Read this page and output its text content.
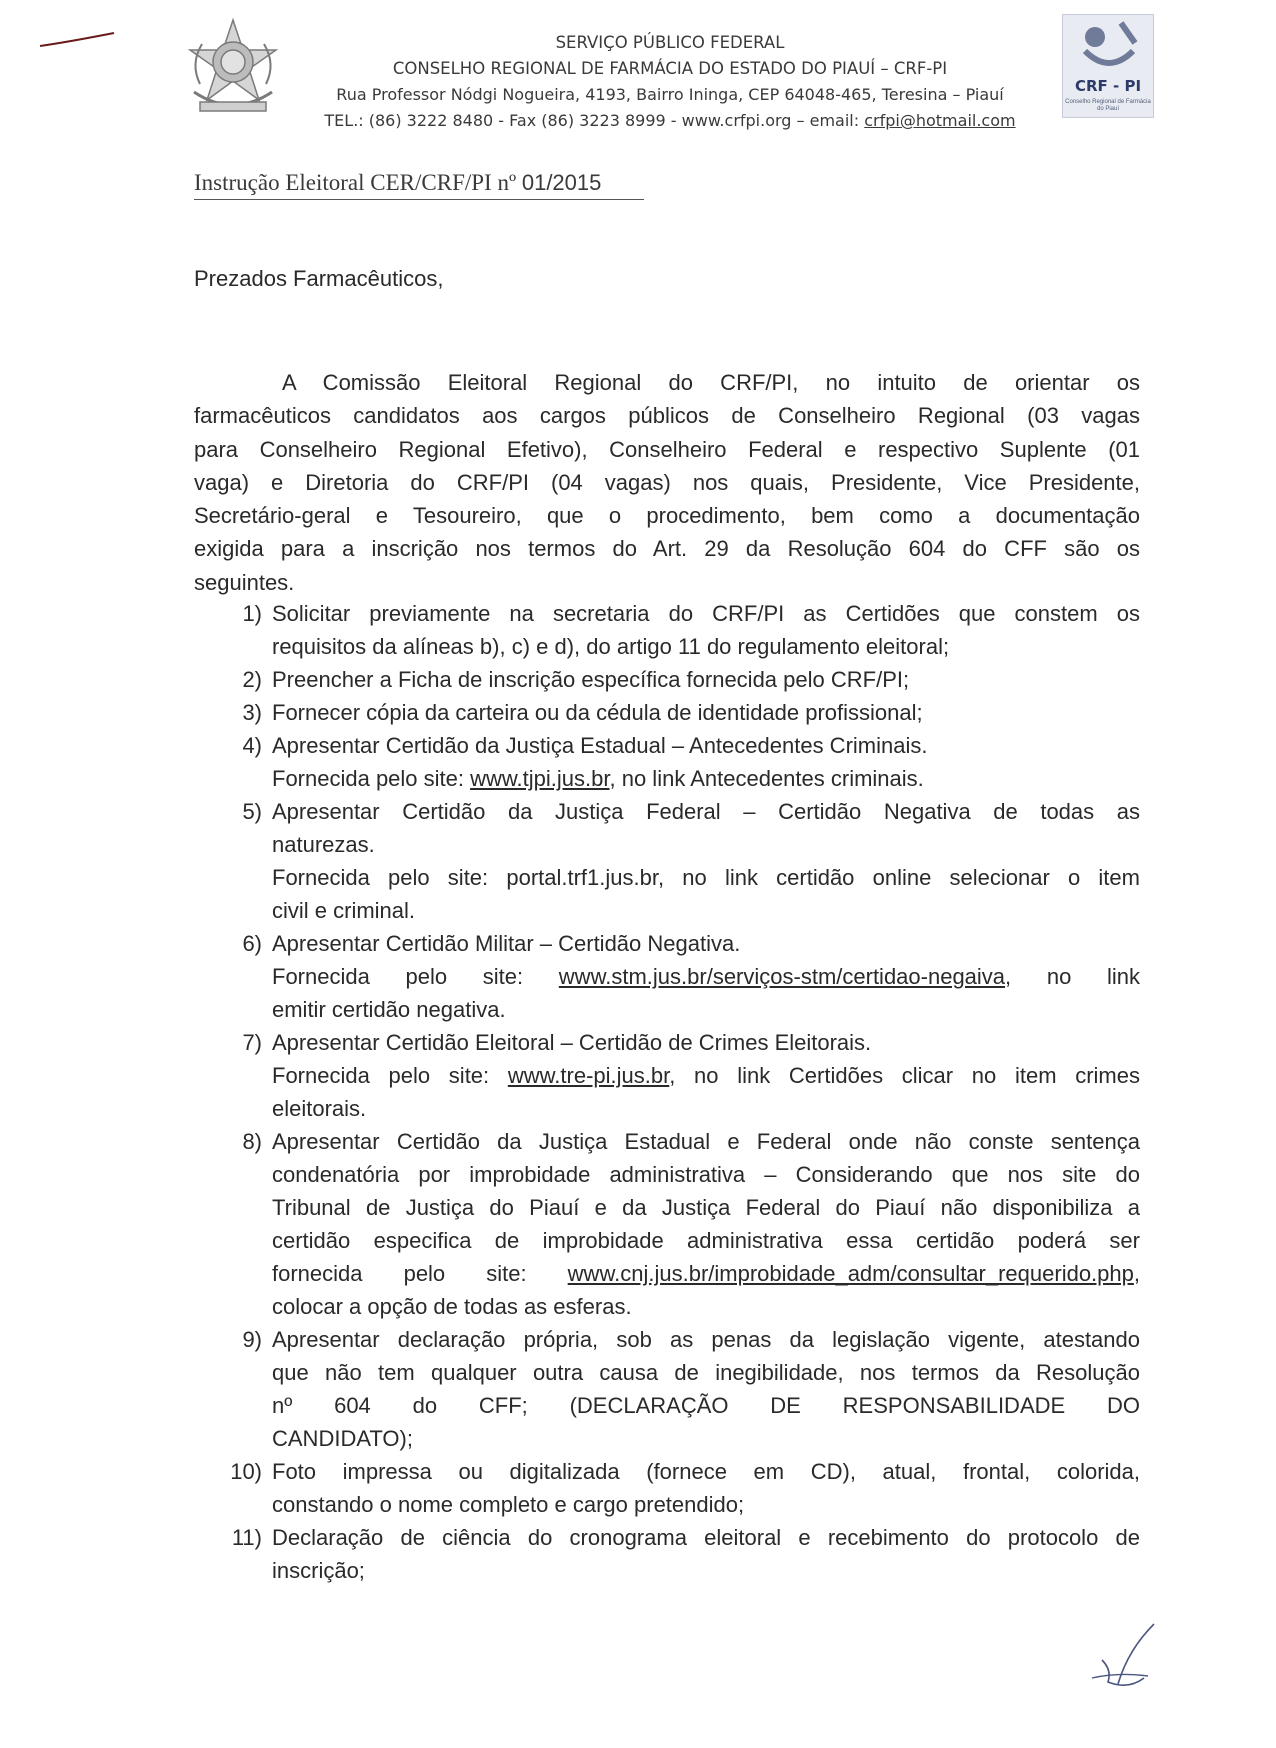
SERVIÇO PÚBLICO FEDERAL
CONSELHO REGIONAL DE FARMÁCIA DO ESTADO DO PIAUÍ – CRF-PI
Rua Professor Nódgi Nogueira, 4193, Bairro Ininga, CEP 64048-465, Teresina – Piauí
TEL.: (86) 3222 8480 - Fax (86) 3223 8999 - www.crfpi.org – email: crfpi@hotmail.com
CRF - PI
Conselho Regional de Farmácia do Piauí
Instrução Eleitoral CER/CRF/PI nº 01/2015
Prezados Farmacêuticos,
A Comissão Eleitoral Regional do CRF/PI, no intuito de orientar os
farmacêuticos candidatos aos cargos públicos de Conselheiro Regional (03 vagas
para Conselheiro Regional Efetivo), Conselheiro Federal e respectivo Suplente (01
vaga) e Diretoria do CRF/PI (04 vagas) nos quais, Presidente, Vice Presidente,
Secretário-geral e Tesoureiro, que o procedimento, bem como a documentação
exigida para a inscrição nos termos do Art. 29 da Resolução 604 do CFF são os
seguintes.
1) Solicitar previamente na secretaria do CRF/PI as Certidões que constem os
requisitos da alíneas b), c) e d), do artigo 11 do regulamento eleitoral;
2) Preencher a Ficha de inscrição específica fornecida pelo CRF/PI;
3) Fornecer cópia da carteira ou da cédula de identidade profissional;
4) Apresentar Certidão da Justiça Estadual – Antecedentes Criminais.
Fornecida pelo site: www.tjpi.jus.br, no link Antecedentes criminais.
5) Apresentar Certidão da Justiça Federal – Certidão Negativa de todas as
naturezas.
Fornecida pelo site: portal.trf1.jus.br, no link certidão online selecionar o item
civil e criminal.
6) Apresentar Certidão Militar – Certidão Negativa.
Fornecida pelo site: www.stm.jus.br/serviços-stm/certidao-negaiva, no link
emitir certidão negativa.
7) Apresentar Certidão Eleitoral – Certidão de Crimes Eleitorais.
Fornecida pelo site: www.tre-pi.jus.br, no link Certidões clicar no item crimes
eleitorais.
8) Apresentar Certidão da Justiça Estadual e Federal onde não conste sentença
condenatória por improbidade administrativa – Considerando que nos site do
Tribunal de Justiça do Piauí e da Justiça Federal do Piauí não disponibiliza a
certidão especifica de improbidade administrativa essa certidão poderá ser
fornecida pelo site: www.cnj.jus.br/improbidade_adm/consultar_requerido.php,
colocar a opção de todas as esferas.
9) Apresentar declaração própria, sob as penas da legislação vigente, atestando
que não tem qualquer outra causa de inegibilidade, nos termos da Resolução
nº 604 do CFF; (DECLARAÇÃO DE RESPONSABILIDADE DO
CANDIDATO);
10) Foto impressa ou digitalizada (fornece em CD), atual, frontal, colorida,
constando o nome completo e cargo pretendido;
11) Declaração de ciência do cronograma eleitoral e recebimento do protocolo de
inscrição;
